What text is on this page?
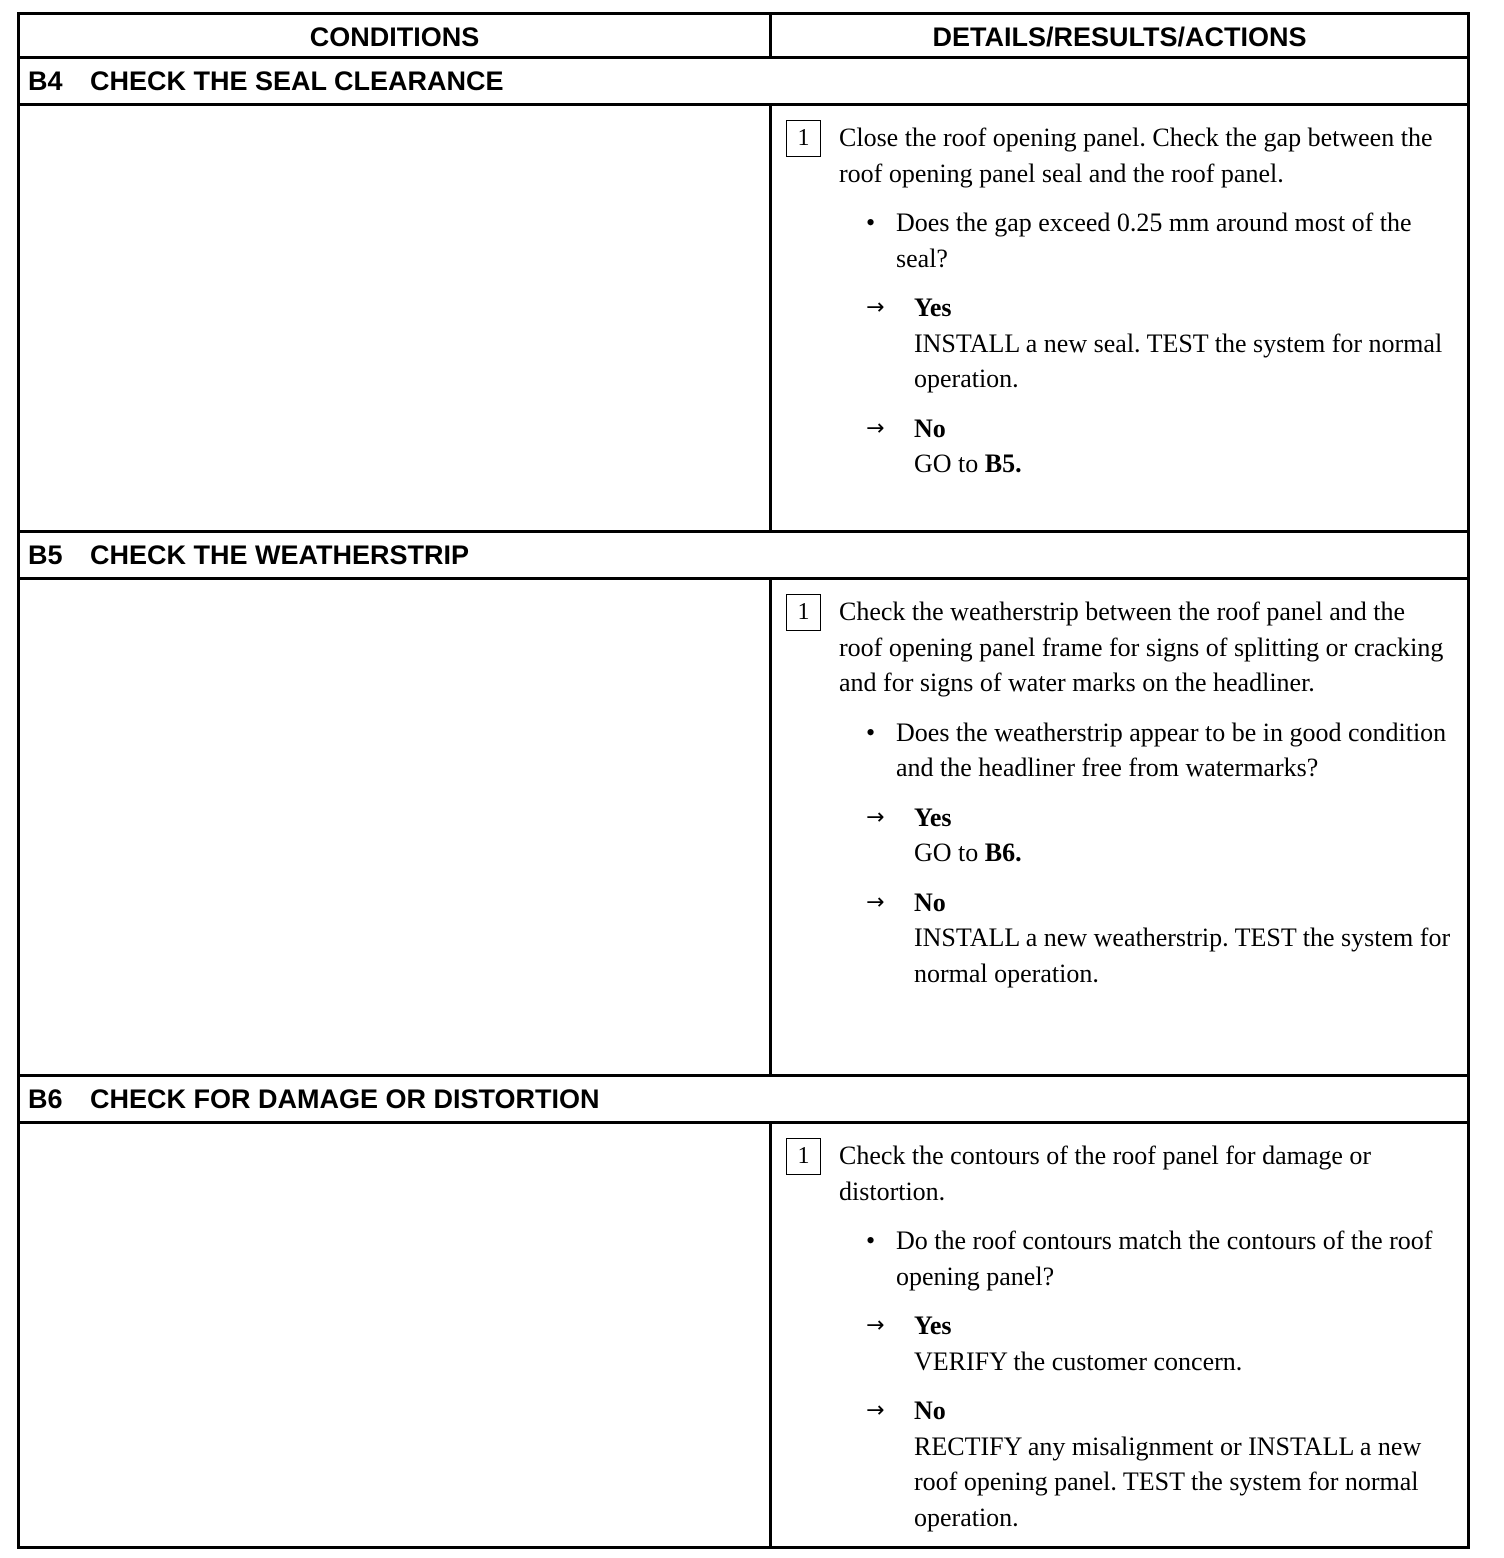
CONDITIONS	DETAILS/RESULTS/ACTIONS
B4 CHECK THE SEAL CLEARANCE
1	Close the roof opening panel. Check the gap between the roof opening panel seal and the roof panel.
• Does the gap exceed 0.25 mm around most of the seal?
→	Yes
INSTALL a new seal. TEST the system for normal operation.
→	No
GO to B5.
B5 CHECK THE WEATHERSTRIP
1	Check the weatherstrip between the roof panel and the roof opening panel frame for signs of splitting or cracking and for signs of water marks on the headliner.
• Does the weatherstrip appear to be in good condition and the headliner free from watermarks?
→	Yes
GO to B6.
→	No
INSTALL a new weatherstrip. TEST the system for normal operation.
B6 CHECK FOR DAMAGE OR DISTORTION
1	Check the contours of the roof panel for damage or distortion.
• Do the roof contours match the contours of the roof opening panel?
→	Yes
VERIFY the customer concern.
→	No
RECTIFY any misalignment or INSTALL a new roof opening panel. TEST the system for normal operation.
